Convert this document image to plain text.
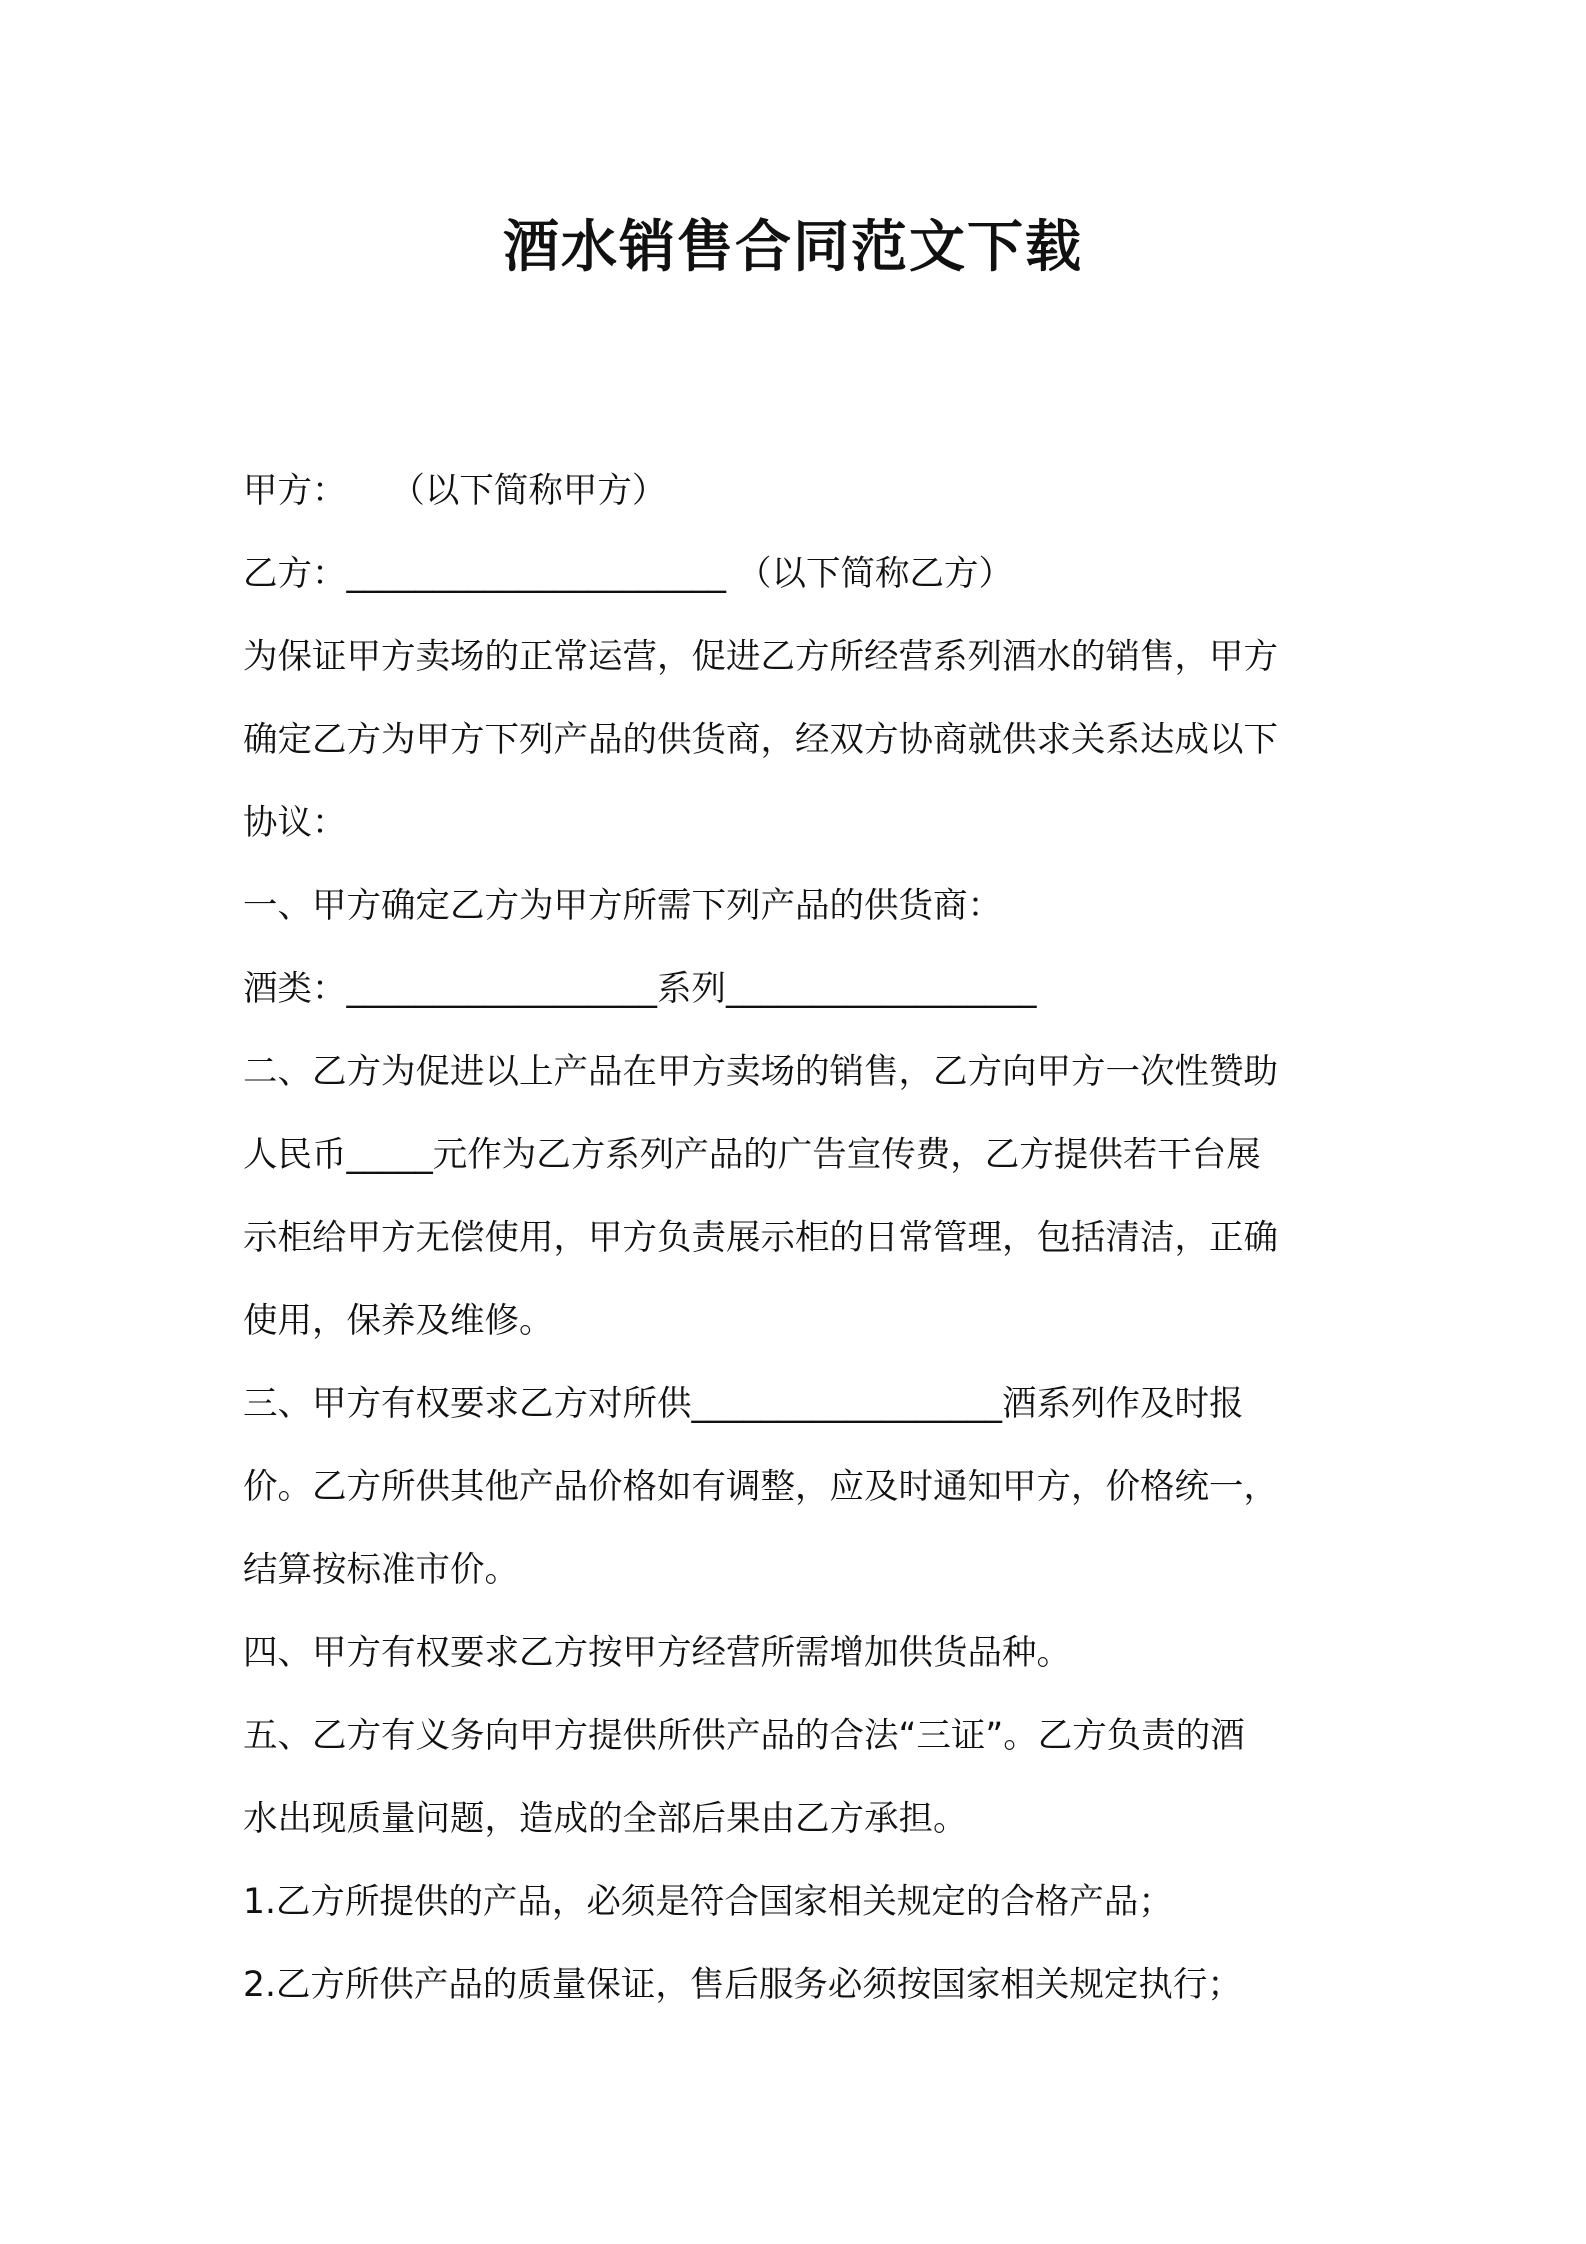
酒水销售合同范文下载
甲方：    （以下简称甲方）
乙方：______________________ （以下简称乙方）
为保证甲方卖场的正常运营，促进乙方所经营系列酒水的销售，甲方
确定乙方为甲方下列产品的供货商，经双方协商就供求关系达成以下
协议：
一、甲方确定乙方为甲方所需下列产品的供货商：
酒类：__________________系列__________________
二、乙方为促进以上产品在甲方卖场的销售，乙方向甲方一次性赞助
人民币_____元作为乙方系列产品的广告宣传费，乙方提供若干台展
示柜给甲方无偿使用，甲方负责展示柜的日常管理，包括清洁，正确
使用，保养及维修。
三、甲方有权要求乙方对所供__________________酒系列作及时报
价。乙方所供其他产品价格如有调整，应及时通知甲方，价格统一，
结算按标准市价。
四、甲方有权要求乙方按甲方经营所需增加供货品种。
五、乙方有义务向甲方提供所供产品的合法“三证”。乙方负责的酒
水出现质量问题，造成的全部后果由乙方承担。
1.乙方所提供的产品，必须是符合国家相关规定的合格产品；
2.乙方所供产品的质量保证，售后服务必须按国家相关规定执行；
